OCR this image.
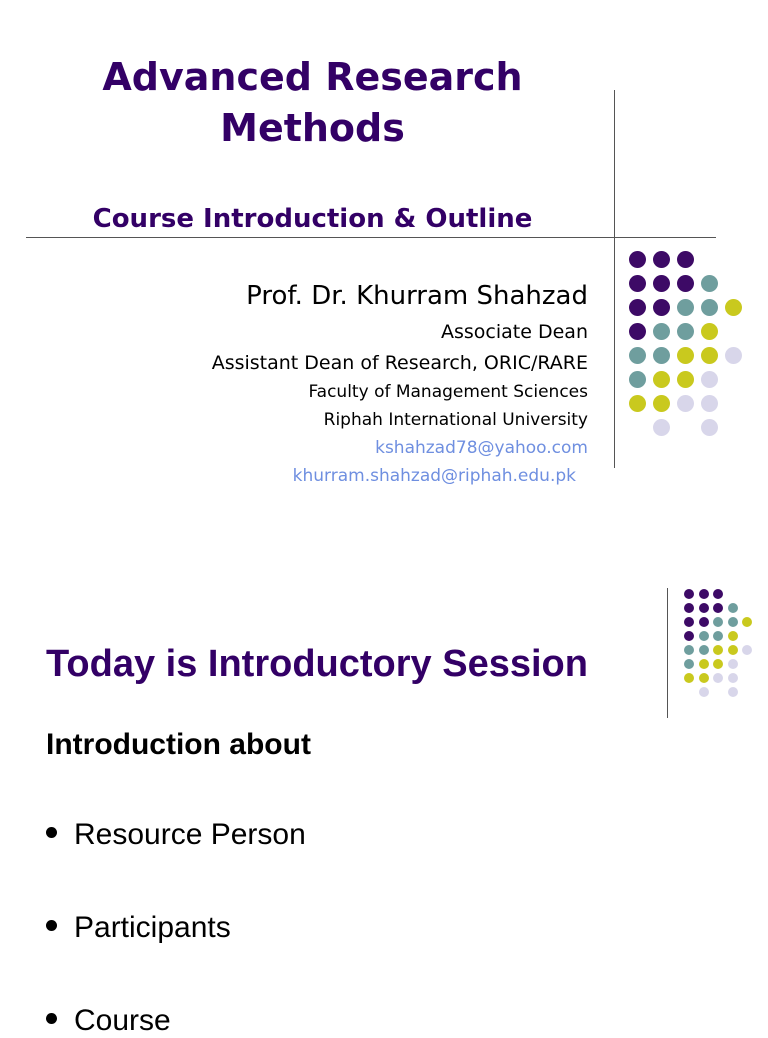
Advanced Research
Methods
Course Introduction & Outline
Prof. Dr. Khurram Shahzad
Associate Dean
Assistant Dean of Research, ORIC/RARE
Faculty of Management Sciences
Riphah International University
kshahzad78@yahoo.com
khurram.shahzad@riphah.edu.pk
Today is Introductory Session
Introduction about
Resource Person
Participants
Course
